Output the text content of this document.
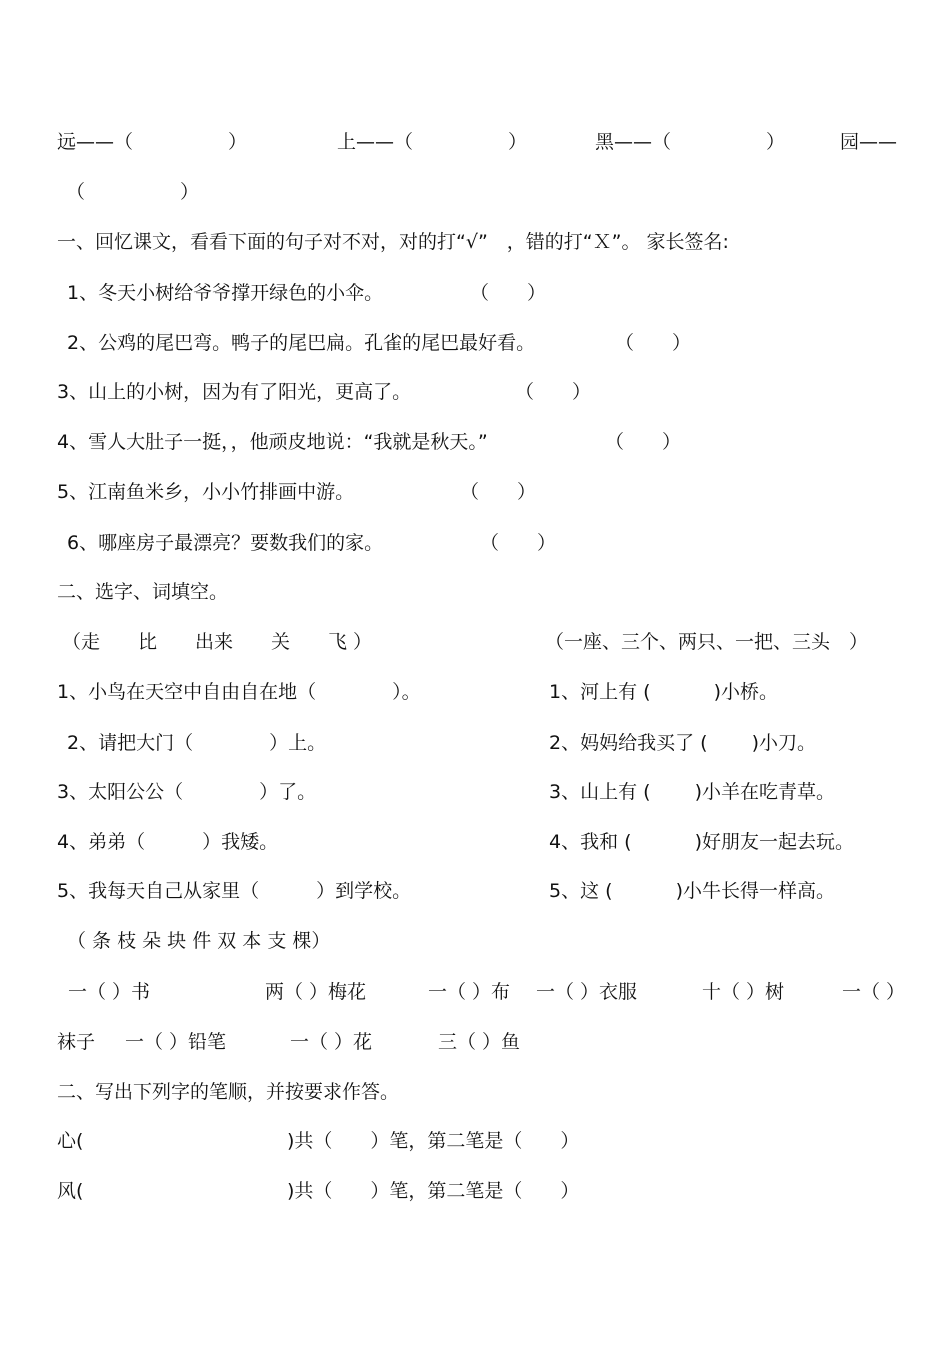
远——（　　　　　）	上——（　　　　　）	黑——（　　　　　）	园——
（　　　　　）
一、回忆课文，看看下面的句子对不对，对的打“√”　，错的打“Ｘ”。 家长签名:
1、冬天小树给爷爷撑开绿色的小伞。	（　　）
2、公鸡的尾巴弯。鸭子的尾巴扁。孔雀的尾巴最好看。	（　　）
3、山上的小树，因为有了阳光，更高了。	（　　）
4、雪人大肚子一挺，，他顽皮地说：“我就是秋天。”	（　　）
5、江南鱼米乡，小小竹排画中游。	（　　）
6、哪座房子最漂亮？要数我们的家。	（　　）
二、选字、词填空。
（走　　比　　出来　　关　　飞 ）	（一座、三个、两只、一把、三头　）
1、小鸟在天空中自由自在地（　　　　）。	1、河上有 (　　　 )小桥。
2、请把大门（　　　　）上。	2、妈妈给我买了 (　　 )小刀。
3、太阳公公（　　　　）了。	3、山上有 (　　 )小羊在吃青草。
4、弟弟（　　　）我矮。	4、我和 (　　　 )好朋友一起去玩。
5、我每天自己从家里（　　　）到学校。	5、这 (　　　 )小牛长得一样高。
（ 条 枝 朵 块 件 双 本 支 棵）
一（ ）书	两（ ）梅花	一（ ）布 一（ ）衣服	十（ ）树	一（ ）
袜子 一（ ）铅笔	一（ ）花	三（ ）鱼
二、写出下列字的笔顺，并按要求作答。
心(	)共（　　）笔，第二笔是（　　）
风(	)共（　　）笔，第二笔是（　　）
